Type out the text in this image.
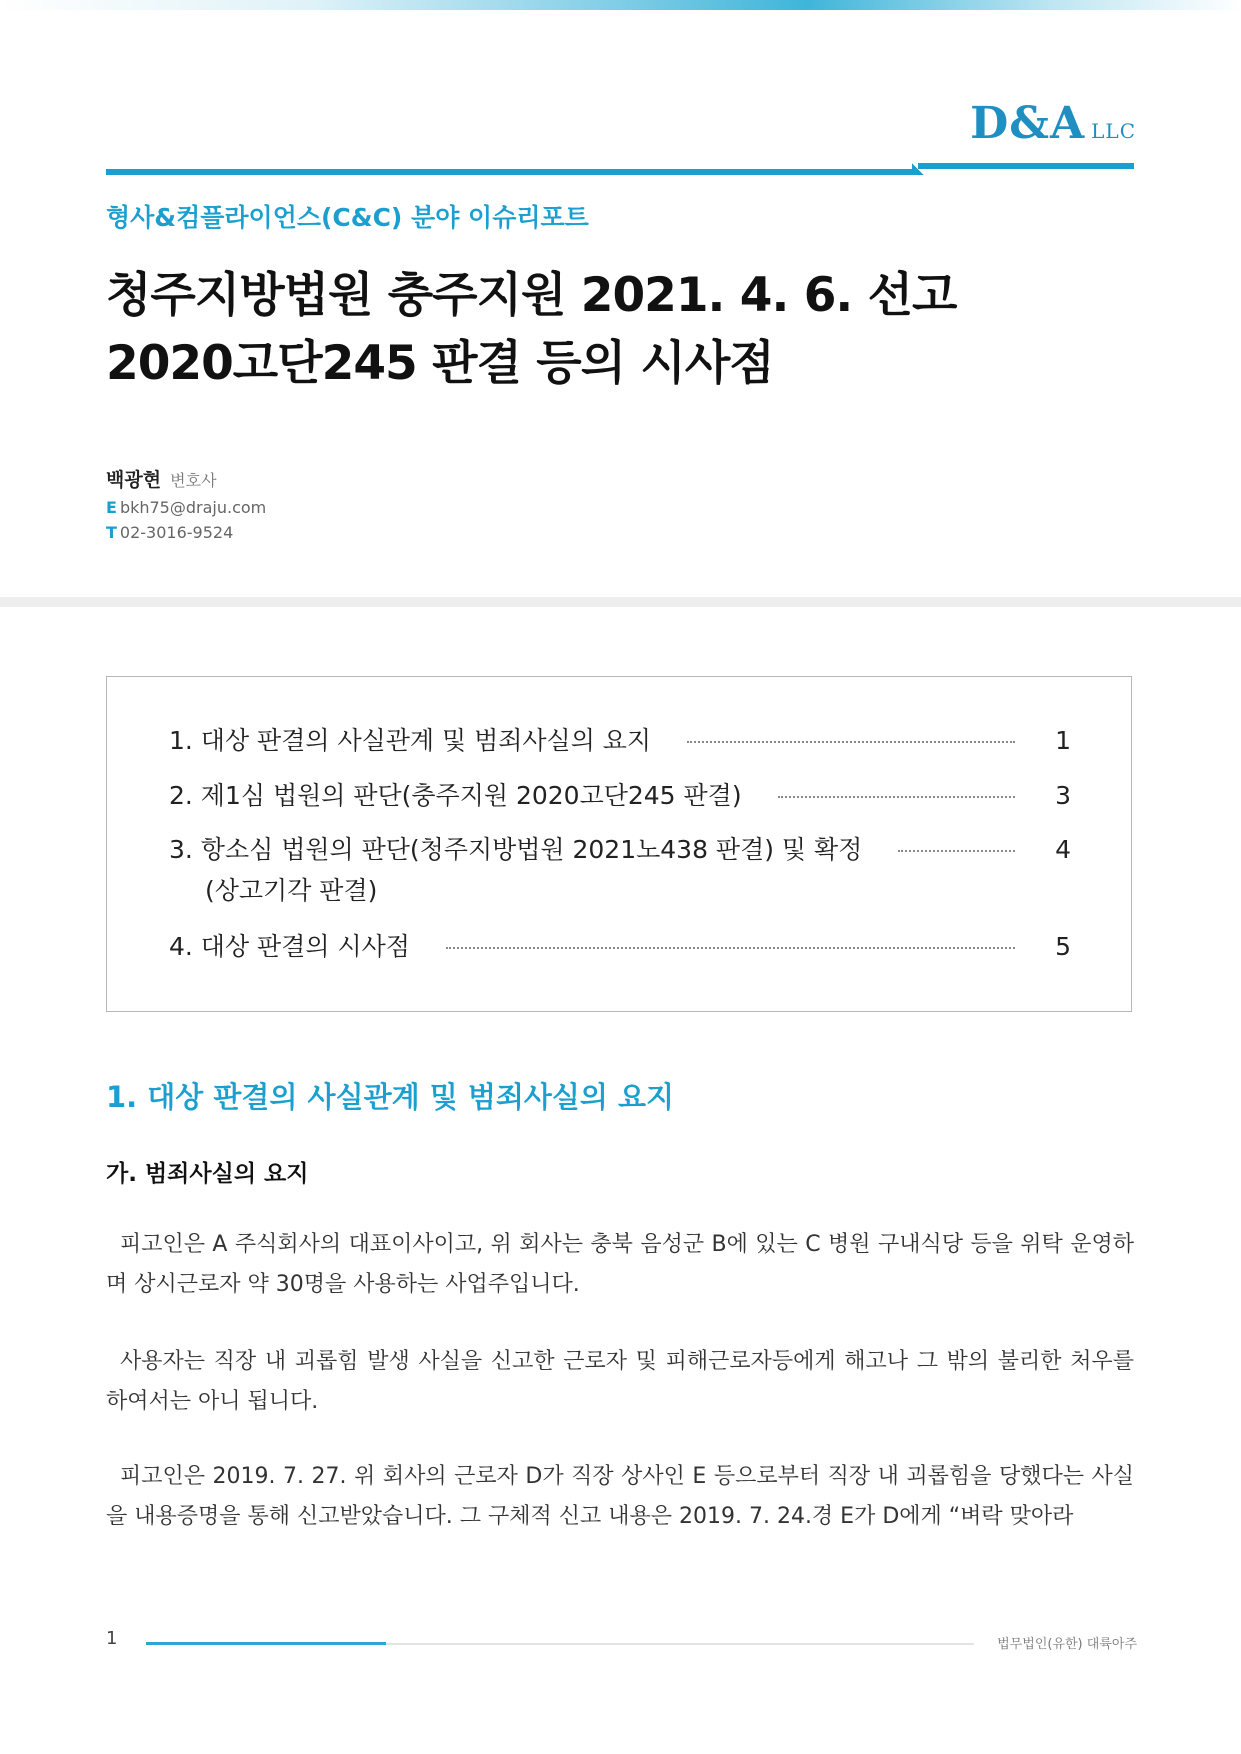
D&A LLC
형사&컴플라이언스(C&C) 분야 이슈리포트
청주지방법원 충주지원 2021. 4. 6. 선고
2020고단245 판결 등의 시사점
백광현 변호사
E bkh75@draju.com
T 02-3016-9524
1. 대상 판결의 사실관계 및 범죄사실의 요지	1
2. 제1심 법원의 판단(충주지원 2020고단245 판결)	3
3. 항소심 법원의 판단(청주지방법원 2021노438 판결) 및 확정	4
(상고기각 판결)
4. 대상 판결의 시사점	5
1. 대상 판결의 사실관계 및 범죄사실의 요지
가. 범죄사실의 요지
피고인은 A 주식회사의 대표이사이고, 위 회사는 충북 음성군 B에 있는 C 병원 구내식당 등을 위탁 운영하며 상시근로자 약 30명을 사용하는 사업주입니다.
사용자는 직장 내 괴롭힘 발생 사실을 신고한 근로자 및 피해근로자등에게 해고나 그 밖의 불리한 처우를 하여서는 아니 됩니다.
피고인은 2019. 7. 27. 위 회사의 근로자 D가 직장 상사인 E 등으로부터 직장 내 괴롭힘을 당했다는 사실을 내용증명을 통해 신고받았습니다. 그 구체적 신고 내용은 2019. 7. 24.경 E가 D에게 “벼락 맞아라
1	법무법인(유한) 대륙아주
